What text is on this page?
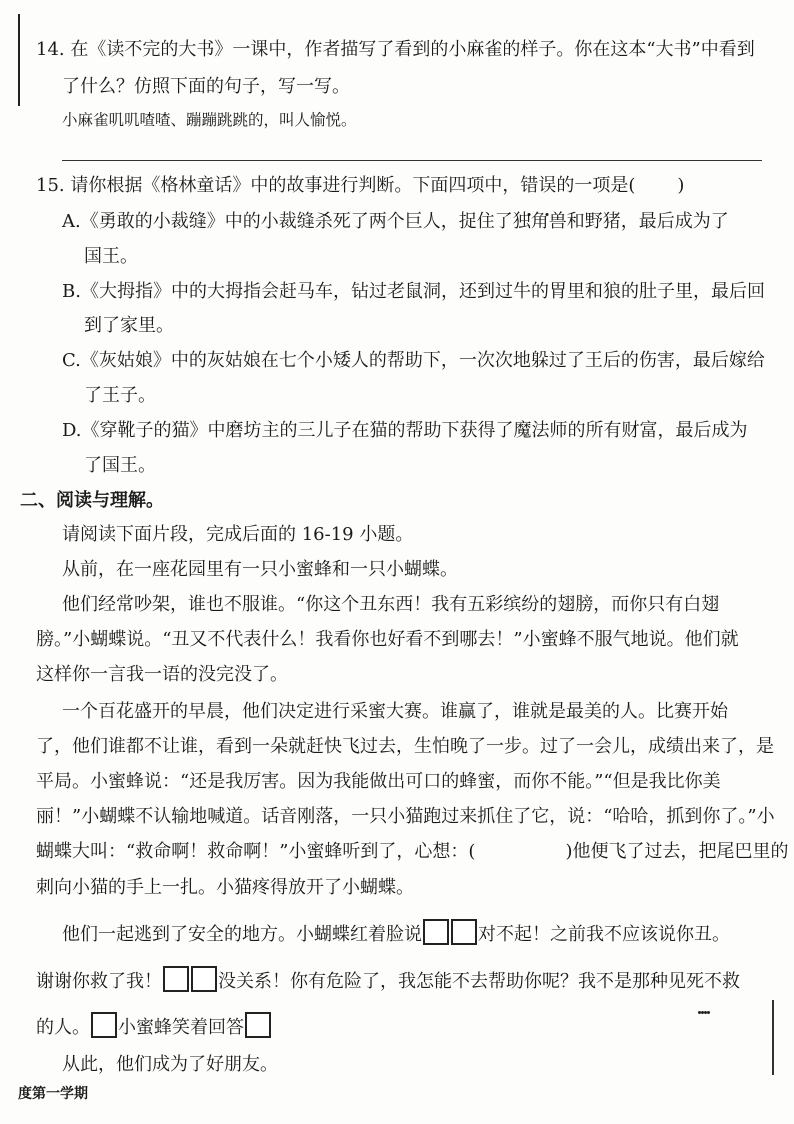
14. 在《读不完的大书》一课中，作者描写了看到的小麻雀的样子。你在这本“大书”中看到
了什么？仿照下面的句子，写一写。
小麻雀叽叽喳喳、蹦蹦跳跳的，叫人愉悦。
15. 请你根据《格林童话》中的故事进行判断。下面四项中，错
误
的一项是( )
A.《勇敢的小裁缝》中的小裁缝杀死了两个巨人，捉住了独角兽和野猪，最后成为了
国王。
B.《大拇指》中的大拇指会赶马车，钻过老鼠洞，还到过牛的胃里和狼的肚子里，最后回
到了家里。
C.《灰姑娘》中的灰姑娘在七个小矮人的帮助下，一次次地躲过了王后的伤害，最后嫁给
了王子。
D.《穿靴子的猫》中磨坊主的三儿子在猫的帮助下获得了魔法师的所有财富，最后成为
了国王。
二、阅读与理解。
请阅读下面片段，完成后面的 16-19 小题。
从前，在一座花园里有一只小蜜蜂和一只小蝴蝶。
他们经常吵架，谁也不服谁。“你这个丑东西！我有五彩缤纷的翅膀，而你只有白翅
膀。”小蝴蝶说。“丑又不代表什么！我看你也好看不到哪去！”小蜜蜂不服气地说。他们就
这样你一言我一语的没完没了。
一个百花盛开的早晨，他们决定进行采蜜大赛。谁赢了，谁就是最美的人。比赛开始
了，他们谁都不让谁，看到一朵就赶快飞过去，生怕晚了一步。过了一会儿，成绩出来了，是
平局。小蜜蜂说：“还是我厉害。因为我能做出可口的蜂蜜，而你不能。”“但是我比你美
丽！”小蝴蝶不认输地喊道。话音刚落，一只小猫跑过来抓住了它，说：“哈哈，抓到你了。”小
蝴蝶大叫：“救命啊！救命啊！”小蜜蜂听到了，心想：(	)他便飞了过去，把尾巴里的
刺向小猫的手上一扎。小猫疼得放开了小蝴蝶。
他们一起逃到了安全的地方。小蝴蝶红着脸说	对不起！之前我不应该说你丑。
谢谢你救了我！	没关系！你有危险了，我怎能不去帮助你呢？我不是那种见死不救
的人。 小蜜蜂笑着回答
从此，他们成为了好朋友。
度第一学期
